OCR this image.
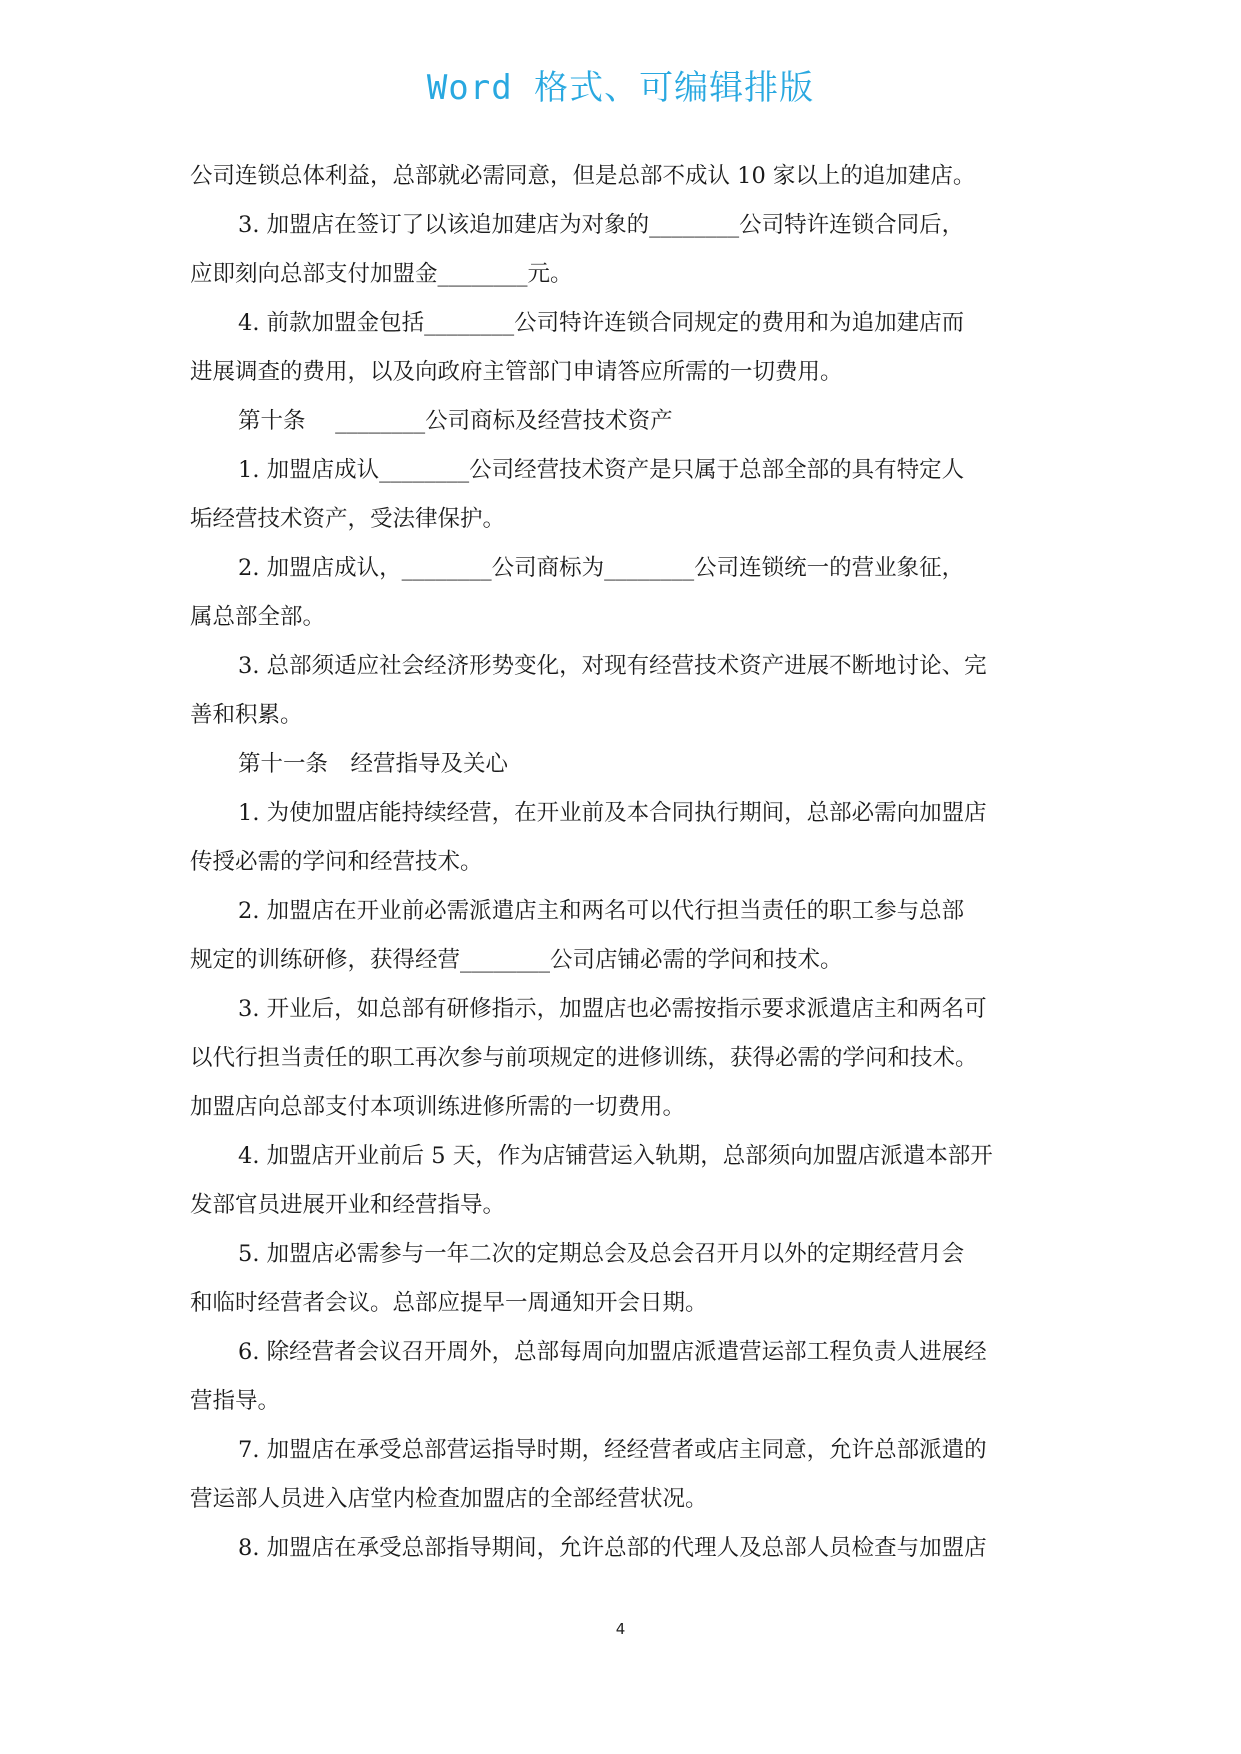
Word 格式、可编辑排版
公司连锁总体利益，总部就必需同意，但是总部不成认 10 家以上的追加建店。
3. 加盟店在签订了以该追加建店为对象的________公司特许连锁合同后，
应即刻向总部支付加盟金________元。
4. 前款加盟金包括________公司特许连锁合同规定的费用和为追加建店而
进展调查的费用，以及向政府主管部门申请答应所需的一切费用。
第十条　 ________公司商标及经营技术资产
1. 加盟店成认________公司经营技术资产是只属于总部全部的具有特定人
垢经营技术资产，受法律保护。
2. 加盟店成认，________公司商标为________公司连锁统一的营业象征，
属总部全部。
3. 总部须适应社会经济形势变化，对现有经营技术资产进展不断地讨论、完
善和积累。
第十一条　经营指导及关心
1. 为使加盟店能持续经营，在开业前及本合同执行期间，总部必需向加盟店
传授必需的学问和经营技术。
2. 加盟店在开业前必需派遣店主和两名可以代行担当责任的职工参与总部
规定的训练研修，获得经营________公司店铺必需的学问和技术。
3. 开业后，如总部有研修指示，加盟店也必需按指示要求派遣店主和两名可
以代行担当责任的职工再次参与前项规定的进修训练，获得必需的学问和技术。
加盟店向总部支付本项训练进修所需的一切费用。
4. 加盟店开业前后 5 天，作为店铺营运入轨期，总部须向加盟店派遣本部开
发部官员进展开业和经营指导。
5. 加盟店必需参与一年二次的定期总会及总会召开月以外的定期经营月会
和临时经营者会议。总部应提早一周通知开会日期。
6. 除经营者会议召开周外，总部每周向加盟店派遣营运部工程负责人进展经
营指导。
7. 加盟店在承受总部营运指导时期，经经营者或店主同意，允许总部派遣的
营运部人员进入店堂内检查加盟店的全部经营状况。
8. 加盟店在承受总部指导期间，允许总部的代理人及总部人员检查与加盟店
4
